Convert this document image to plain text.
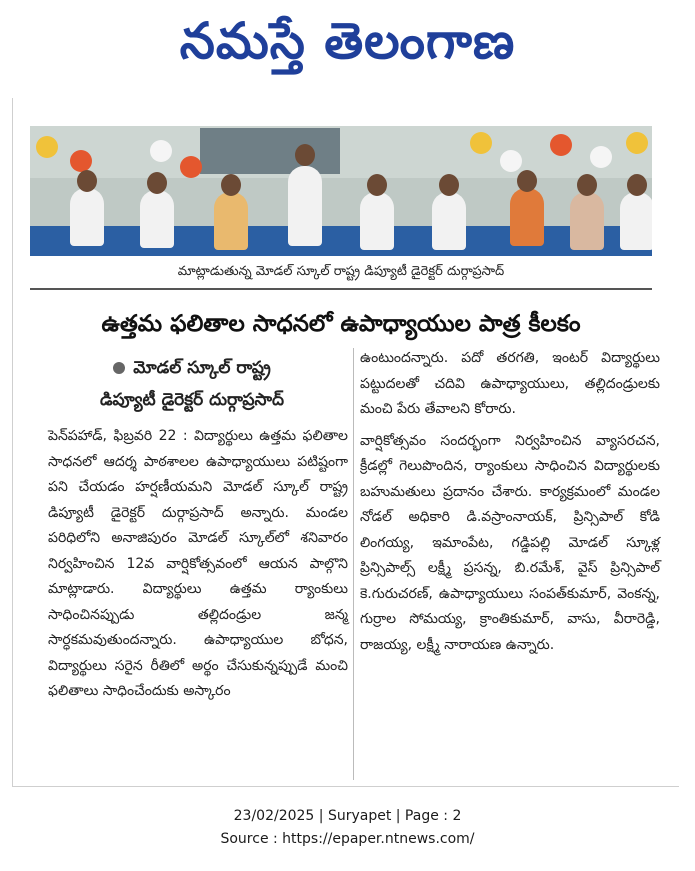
నమస్తే తెలంగాణ
మాట్లాడుతున్న మోడల్ స్కూల్ రాష్ట్ర డిప్యూటీ డైరెక్టర్ దుర్గాప్రసాద్
ఉత్తమ ఫలితాల సాధనలో ఉపాధ్యాయుల పాత్ర కీలకం
మోడల్ స్కూల్ రాష్ట్ర
డిప్యూటీ డైరెక్టర్ దుర్గాప్రసాద్

పెన్‌పహాడ్, ఫిబ్రవరి 22 : విద్యార్థులు ఉత్తమ ఫలితాల సాధనలో ఆదర్శ పాఠశాలల ఉపాధ్యాయులు పటిష్టంగా పని చేయడం హర్షణీయమని మోడల్ స్కూల్ రాష్ట్ర డిప్యూటీ డైరెక్టర్ దుర్గాప్రసాద్ అన్నారు. మండల పరిధిలోని అనాజిపురం మోడల్ స్కూల్‌లో శనివారం నిర్వహించిన 12వ వార్షికోత్సవంలో ఆయన పాల్గొని మాట్లాడారు. విద్యార్థులు ఉత్తమ ర్యాంకులు సాధించినప్పుడు తల్లిదండ్రుల జన్మ సార్ధకమవుతుందన్నారు. ఉపాధ్యాయుల బోధన, విద్యార్థులు సరైన రీతిలో అర్థం చేసుకున్నప్పుడే మంచి ఫలితాలు సాధించేందుకు అస్కారం

ఉంటుందన్నారు. పదో తరగతి, ఇంటర్ విద్యార్థులు పట్టుదలతో చదివి ఉపాధ్యాయులు, తల్లిదండ్రులకు మంచి పేరు తేవాలని కోరారు.

వార్షికోత్సవం సందర్భంగా నిర్వహించిన వ్యాసరచన, క్రీడల్లో గెలుపొందిన, ర్యాంకులు సాధించిన విద్యార్థులకు బహుమతులు ప్రదానం చేశారు. కార్యక్రమంలో మండల నోడల్ అధికారి డి.వస్రాంనాయక్, ప్రిన్సిపాల్ కోడి లింగయ్య, ఇమాంపేట, గడ్డిపల్లి మోడల్ స్కూళ్ల ప్రిన్సిపాల్స్ లక్ష్మీ ప్రసన్న, బి.రమేశ్, వైస్ ప్రిన్సిపాల్ కె.గురుచరణ్, ఉపాధ్యాయులు సంపత్‌కుమార్, వెంకన్న, గుర్రాల సోమయ్య, క్రాంతికుమార్, వాసు, వీరారెడ్డి, రాజయ్య, లక్ష్మీ నారాయణ ఉన్నారు.

23/02/2025 | Suryapet | Page : 2
Source : https://epaper.ntnews.com/
